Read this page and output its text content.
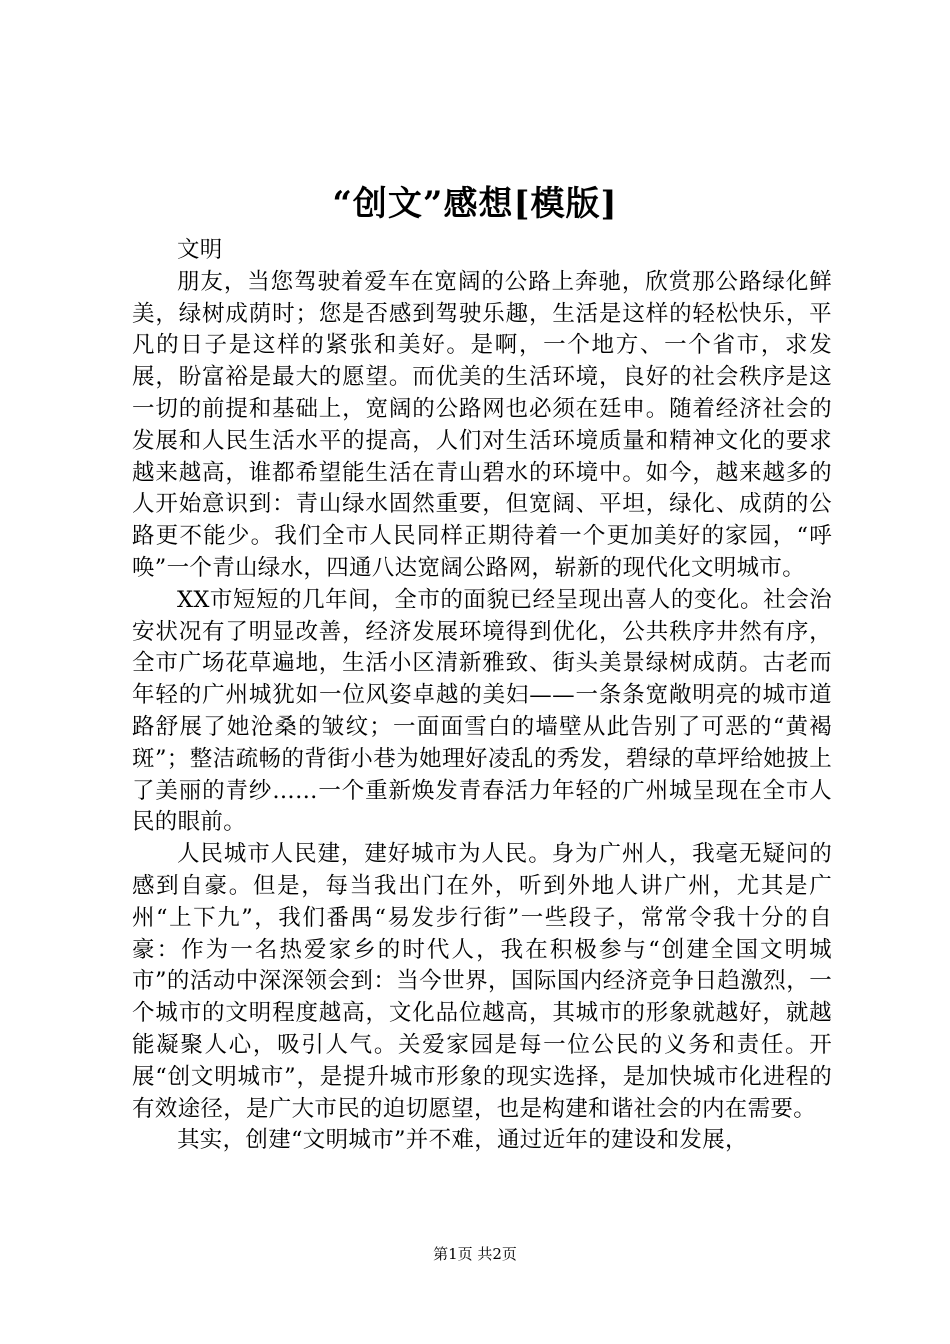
“创文”感想[模版]

文明

朋友，当您驾驶着爱车在宽阔的公路上奔驰，欣赏那公路绿化鲜美，绿树成荫时；您是否感到驾驶乐趣，生活是这样的轻松快乐，平凡的日子是这样的紧张和美好。是啊，一个地方、一个省市，求发展，盼富裕是最大的愿望。而优美的生活环境，良好的社会秩序是这一切的前提和基础上，宽阔的公路网也必须在廷申。随着经济社会的发展和人民生活水平的提高，人们对生活环境质量和精神文化的要求越来越高，谁都希望能生活在青山碧水的环境中。如今，越来越多的人开始意识到：青山绿水固然重要，但宽阔、平坦，绿化、成荫的公路更不能少。我们全市人民同样正期待着一个更加美好的家园，“呼唤”一个青山绿水，四通八达宽阔公路网，崭新的现代化文明城市。

XX市短短的几年间，全市的面貌已经呈现出喜人的变化。社会治安状况有了明显改善，经济发展环境得到优化，公共秩序井然有序，全市广场花草遍地，生活小区清新雅致、街头美景绿树成荫。古老而年轻的广州城犹如一位风姿卓越的美妇——一条条宽敞明亮的城市道路舒展了她沧桑的皱纹；一面面雪白的墙壁从此告别了可恶的“黄褐斑”；整洁疏畅的背街小巷为她理好凌乱的秀发，碧绿的草坪给她披上了美丽的青纱……一个重新焕发青春活力年轻的广州城呈现在全市人民的眼前。

人民城市人民建，建好城市为人民。身为广州人，我毫无疑问的感到自豪。但是，每当我出门在外，听到外地人讲广州，尤其是广州“上下九”，我们番禺“易发步行街”一些段子，常常令我十分的自豪：作为一名热爱家乡的时代人，我在积极参与“创建全国文明城市”的活动中深深领会到：当今世界，国际国内经济竞争日趋激烈，一个城市的文明程度越高，文化品位越高，其城市的形象就越好，就越能凝聚人心，吸引人气。关爱家园是每一位公民的义务和责任。开展“创文明城市”，是提升城市形象的现实选择，是加快城市化进程的有效途径，是广大市民的迫切愿望，也是构建和谐社会的内在需要。

其实，创建“文明城市”并不难，通过近年的建设和发展，

第1页 共2页
